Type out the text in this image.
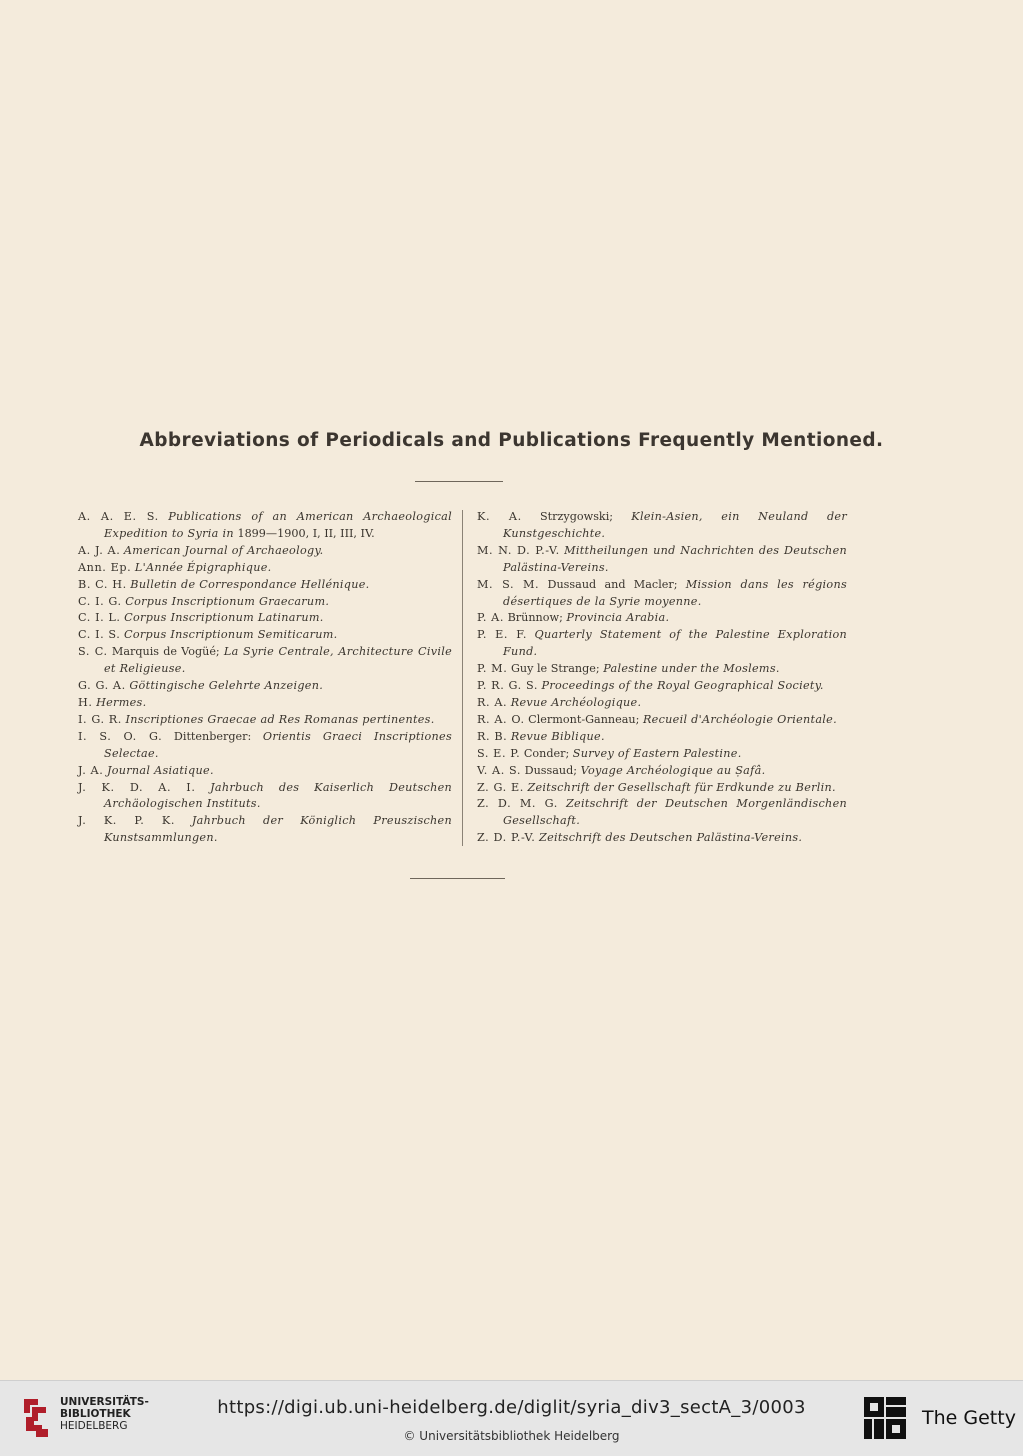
Abbreviations of Periodicals and Publications Frequently Mentioned.

A. A. E. S. Publications of an American Archaeological Expedition to Syria in 1899—1900, I, II, III, IV.

A. J. A. American Journal of Archaeology.

Ann. Ep. L'Année Épigraphique.

B. C. H. Bulletin de Correspondance Hellénique.

C. I. G. Corpus Inscriptionum Graecarum.

C. I. L. Corpus Inscriptionum Latinarum.

C. I. S. Corpus Inscriptionum Semiticarum.

S. C. Marquis de Vogüé; La Syrie Centrale, Architecture Civile et Religieuse.

G. G. A. Göttingische Gelehrte Anzeigen.

H. Hermes.

I. G. R. Inscriptiones Graecae ad Res Romanas pertinentes.

I. S. O. G. Dittenberger: Orientis Graeci Inscriptiones Selectae.

J. A. Journal Asiatique.

J. K. D. A. I. Jahrbuch des Kaiserlich Deutschen Archäologischen Instituts.

J. K. P. K. Jahrbuch der Königlich Preuszischen Kunstsammlungen.

K. A. Strzygowski; Klein-Asien, ein Neuland der Kunstgeschichte.

M. N. D. P.-V. Mittheilungen und Nachrichten des Deutschen Palästina-Vereins.

M. S. M. Dussaud and Macler; Mission dans les régions désertiques de la Syrie moyenne.

P. A. Brünnow; Provincia Arabia.

P. E. F. Quarterly Statement of the Palestine Exploration Fund.

P. M. Guy le Strange; Palestine under the Moslems.

P. R. G. S. Proceedings of the Royal Geographical Society.

R. A. Revue Archéologique.

R. A. O. Clermont-Ganneau; Recueil d'Archéologie Orientale.

R. B. Revue Biblique.

S. E. P. Conder; Survey of Eastern Palestine.

V. A. S. Dussaud; Voyage Archéologique au Ṣafâ.

Z. G. E. Zeitschrift der Gesellschaft für Erdkunde zu Berlin.

Z. D. M. G. Zeitschrift der Deutschen Morgenländischen Gesellschaft.

Z. D. P.-V. Zeitschrift des Deutschen Palästina-Vereins.

UNIVERSITÄTS-
BIBLIOTHEK
HEIDELBERG
https://digi.ub.uni-heidelberg.de/diglit/syria_div3_sectA_3/0003
© Universitätsbibliothek Heidelberg
The Getty
